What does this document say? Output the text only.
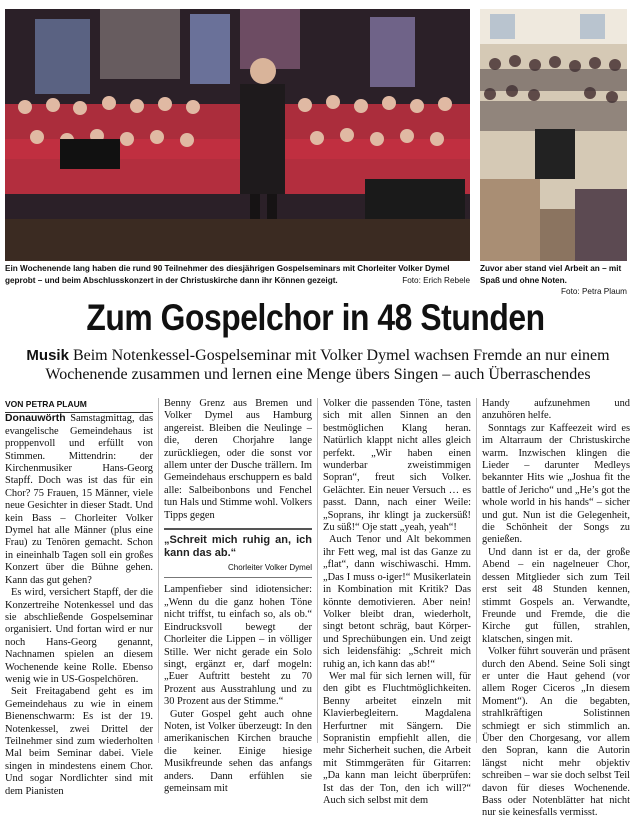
Ein Wochenende lang haben die rund 90 Teilnehmer des diesjährigen Gospelseminars mit Chorleiter Volker Dymel geprobt – und beim Abschlusskonzert in der Christuskirche dann ihr Können gezeigt.	Foto: Erich Rebele
Zuvor aber stand viel Arbeit an – mit Spaß und ohne Noten.
Foto: Petra Plaum
Zum Gospelchor in 48 Stunden
Musik Beim Notenkessel-Gospelseminar mit Volker Dymel wachsen Fremde an nur einem Wochenende zusammen und lernen eine Menge übers Singen – auch Überraschendes

VON PETRA PLAUM

Donauwörth Samstagmittag, das evangelische Gemeindehaus ist proppenvoll und erfüllt von Stimmen. Mittendrin: der Kirchenmusiker Hans-Georg Stapff. Doch was ist das für ein Chor? 75 Frauen, 15 Männer, viele neue Gesichter in dieser Stadt. Und kein Bass – Chorleiter Volker Dymel hat alle Männer (plus eine Frau) zu Tenören gemacht. Schon in eineinhalb Tagen soll ein großes Konzert über die Bühne gehen. Kann das gut gehen?

Es wird, versichert Stapff, der die Konzertreihe Notenkessel und das sie abschließende Gospelseminar organisiert. Und fortan wird er nur noch Hans-Georg genannt, Nachnamen spielen an diesem Wochenende keine Rolle. Ebenso wenig wie in US-Gospelchören.

Seit Freitagabend geht es im Gemeindehaus zu wie in einem Bienenschwarm: Es ist der 19. Notenkessel, zwei Drittel der Teilnehmer sind zum wiederholten Mal beim Seminar dabei. Viele singen in mindestens einem Chor. Und sogar Nordlichter sind mit dem Pianisten

Benny Grenz aus Bremen und Volker Dymel aus Hamburg angereist. Bleiben die Neulinge – die, deren Chorjahre lange zurückliegen, oder die sonst vor allem unter der Dusche trällern. Im Gemeindehaus erschuppern es bald alle: Salbeibonbons und Fenchel tun Hals und Stimme wohl. Volkers Tipps gegen

„Schreit mich ruhig an, ich kann das ab.“
Chorleiter Volker Dymel

Lampenfieber sind idiotensicher: „Wenn du die ganz hohen Töne nicht triffst, tu einfach so, als ob.“ Eindrucksvoll bewegt der Chorleiter die Lippen – in völliger Stille. Wer nicht gerade ein Solo singt, ergänzt er, darf mogeln: „Euer Auftritt besteht zu 70 Prozent aus Ausstrahlung und zu 30 Prozent aus der Stimme.“

Guter Gospel geht auch ohne Noten, ist Volker überzeugt: In den amerikanischen Kirchen brauche die keiner. Einige hiesige Musikfreunde sehen das anfangs anders. Dann erfühlen sie gemeinsam mit

Volker die passenden Töne, tasten sich mit allen Sinnen an den bestmöglichen Klang heran. Natürlich klappt nicht alles gleich perfekt. „Wir haben einen wunderbar zweistimmigen Sopran“, freut sich Volker. Gelächter. Ein neuer Versuch … es passt. Dann, nach einer Weile: „Soprans, ihr klingt ja zuckersüß! Zu süß!“ Oje statt „yeah, yeah“!

Auch Tenor und Alt bekommen ihr Fett weg, mal ist das Ganze zu „flat“, dann wischiwaschi. Hmm. „Das I muss o-iger!“ Musikerlatein in Kombination mit Kritik? Das könnte demotivieren. Aber nein! Volker bleibt dran, wiederholt, singt betont schräg, baut Körper- und Sprechübungen ein. Und zeigt sich leidensfähig: „Schreit mich ruhig an, ich kann das ab!“

Wer mal für sich lernen will, für den gibt es Fluchtmöglichkeiten. Benny arbeitet einzeln mit Klavierbegleitern. Magdalena Herfurtner mit Sängern. Die Sopranistin empfiehlt allen, die mehr Sicherheit suchen, die Arbeit mit Stimmgeräten für Gitarren: „Da kann man leicht überprüfen: Ist das der Ton, den ich will?“ Auch sich selbst mit dem

Handy aufzunehmen und anzuhören helfe.

Sonntags zur Kaffeezeit wird es im Altarraum der Christuskirche warm. Inzwischen klingen die Lieder – darunter Medleys bekannter Hits wie „Joshua fit the battle of Jericho“ und „He’s got the whole world in his hands“ – sicher und gut. Nun ist die Gelegenheit, die Schönheit der Songs zu genießen.

Und dann ist er da, der große Abend – ein nagelneuer Chor, dessen Mitglieder sich zum Teil erst seit 48 Stunden kennen, stimmt Gospels an. Verwandte, Freunde und Fremde, die die Kirche gut füllen, strahlen, klatschen, singen mit.

Volker führt souverän und präsent durch den Abend. Seine Soli singt er unter die Haut gehend (vor allem Roger Ciceros „In diesem Moment“). An die begabten, strahlkräftigen Solistinnen schmiegt er sich stimmlich an. Über den Chorgesang, vor allem den Sopran, kann die Autorin längst nicht mehr objektiv schreiben – war sie doch selbst Teil davon für dieses Wochenende. Bass oder Notenblätter hat nicht nur sie keinesfalls vermisst.
